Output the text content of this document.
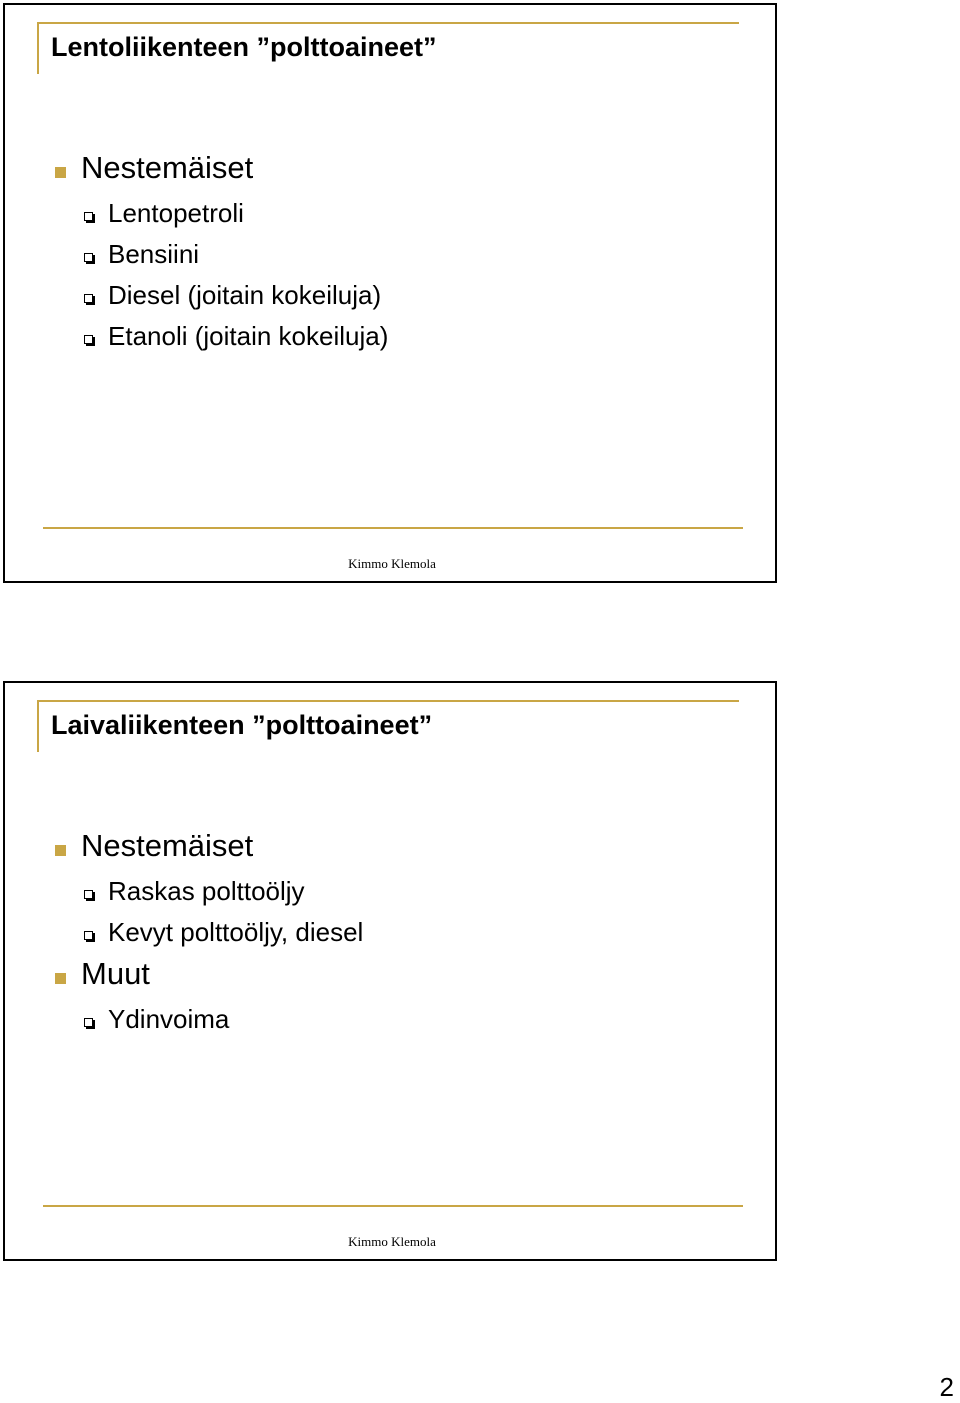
Lentoliikenteen ”polttoaineet”
Nestemäiset
Lentopetroli
Bensiini
Diesel (joitain kokeiluja)
Etanoli (joitain kokeiluja)
Kimmo Klemola
Laivaliikenteen ”polttoaineet”
Nestemäiset
Raskas polttoöljy
Kevyt polttoöljy, diesel
Muut
Ydinvoima
Kimmo Klemola
2
